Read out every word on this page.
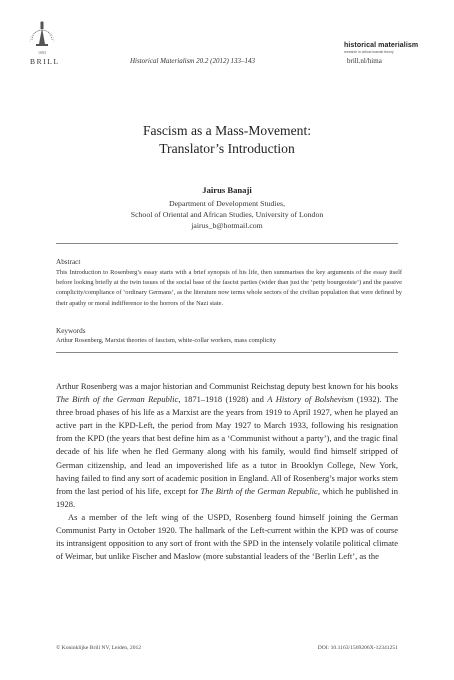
1683
BRILL	Historical Materialism 20.2 (2012) 133–143
historical materialism
research in critical marxist theory
brill.nl/hima
Fascism as a Mass-Movement:
Translator’s Introduction
Jairus Banaji
Department of Development Studies,
School of Oriental and African Studies, University of London
jairus_b@hotmail.com
Abstract
This Introduction to Rosenberg’s essay starts with a brief synopsis of his life, then summarises the key arguments of the essay itself before looking briefly at the twin issues of the social base of the fascist parties (wider than just the ‘petty bourgeoisie’) and the passive complicity/compliance of ‘ordinary Germans’, as the literature now terms whole sectors of the civilian population that were defined by their apathy or moral indifference to the horrors of the Nazi state.
Keywords
Arthur Rosenberg, Marxist theories of fascism, white-collar workers, mass complicity

Arthur Rosenberg was a major historian and Communist Reichstag deputy best known for his books The Birth of the German Republic, 1871–1918 (1928) and A History of Bolshevism (1932). The three broad phases of his life as a Marxist are the years from 1919 to April 1927, when he played an active part in the KPD-Left, the period from May 1927 to March 1933, following his resignation from the KPD (the years that best define him as a ‘Communist without a party’), and the tragic final decade of his life when he fled Germany along with his family, would find himself stripped of German citizenship, and lead an impoverished life as a tutor in Brooklyn College, New York, having failed to find any sort of academic position in England. All of Rosenberg’s major works stem from the last period of his life, except for The Birth of the German Republic, which he published in 1928.

As a member of the left wing of the USPD, Rosenberg found himself joining the German Communist Party in October 1920. The hallmark of the Left-current within the KPD was of course its intransigent opposition to any sort of front with the SPD in the intensely volatile political climate of Weimar, but unlike Fischer and Maslow (more substantial leaders of the ‘Berlin Left’, as the

© Koninklijke Brill NV, Leiden, 2012	DOI: 10.1163/1569206X-12341251
